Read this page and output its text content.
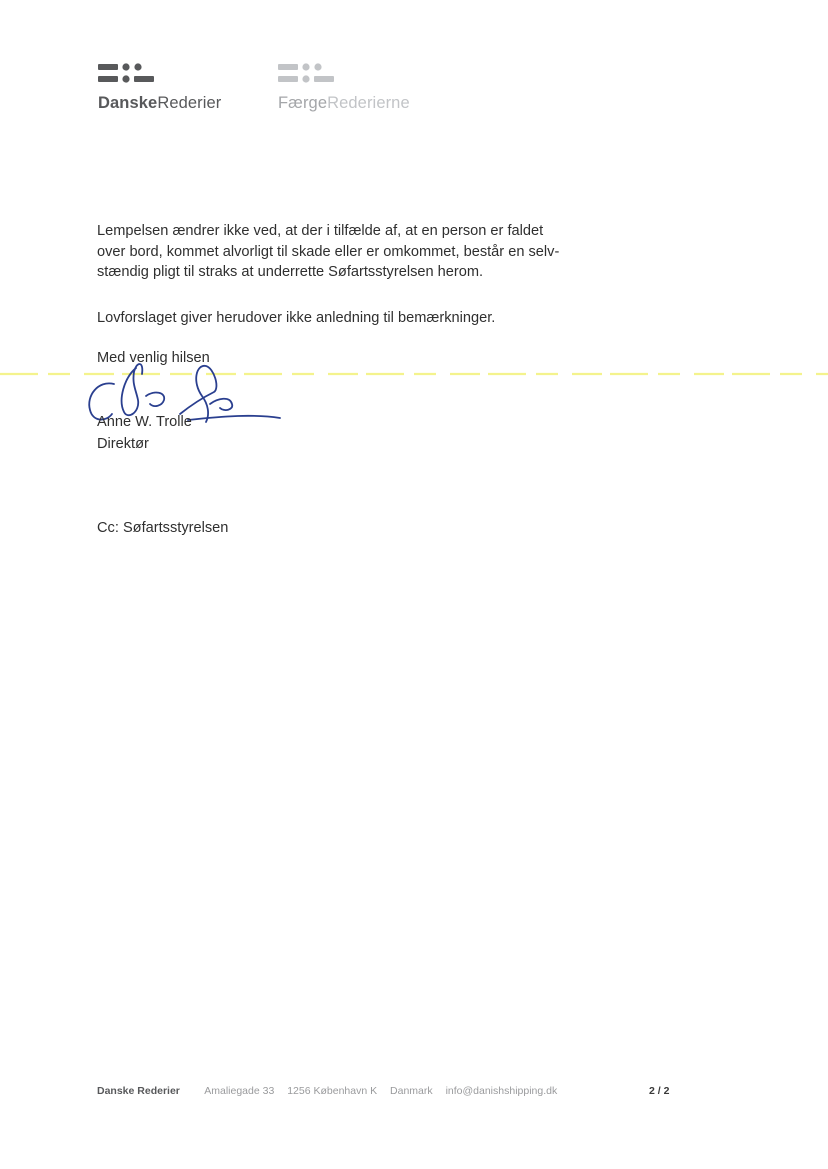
DanskeRederier	FærgeRederierne

Lempelsen ændrer ikke ved, at der i tilfælde af, at en person er faldet
over bord, kommet alvorligt til skade eller er omkommet, består en selv-
stændig pligt til straks at underrette Søfartsstyrelsen herom.

Lovforslaget giver herudover ikke anledning til bemærkninger.

Med venlig hilsen

Anne W. Trolle

Direktør

Cc: Søfartsstyrelsen

Danske Rederier Amaliegade 33 1256 København K Danmark info@danishshipping.dk	2 / 2
